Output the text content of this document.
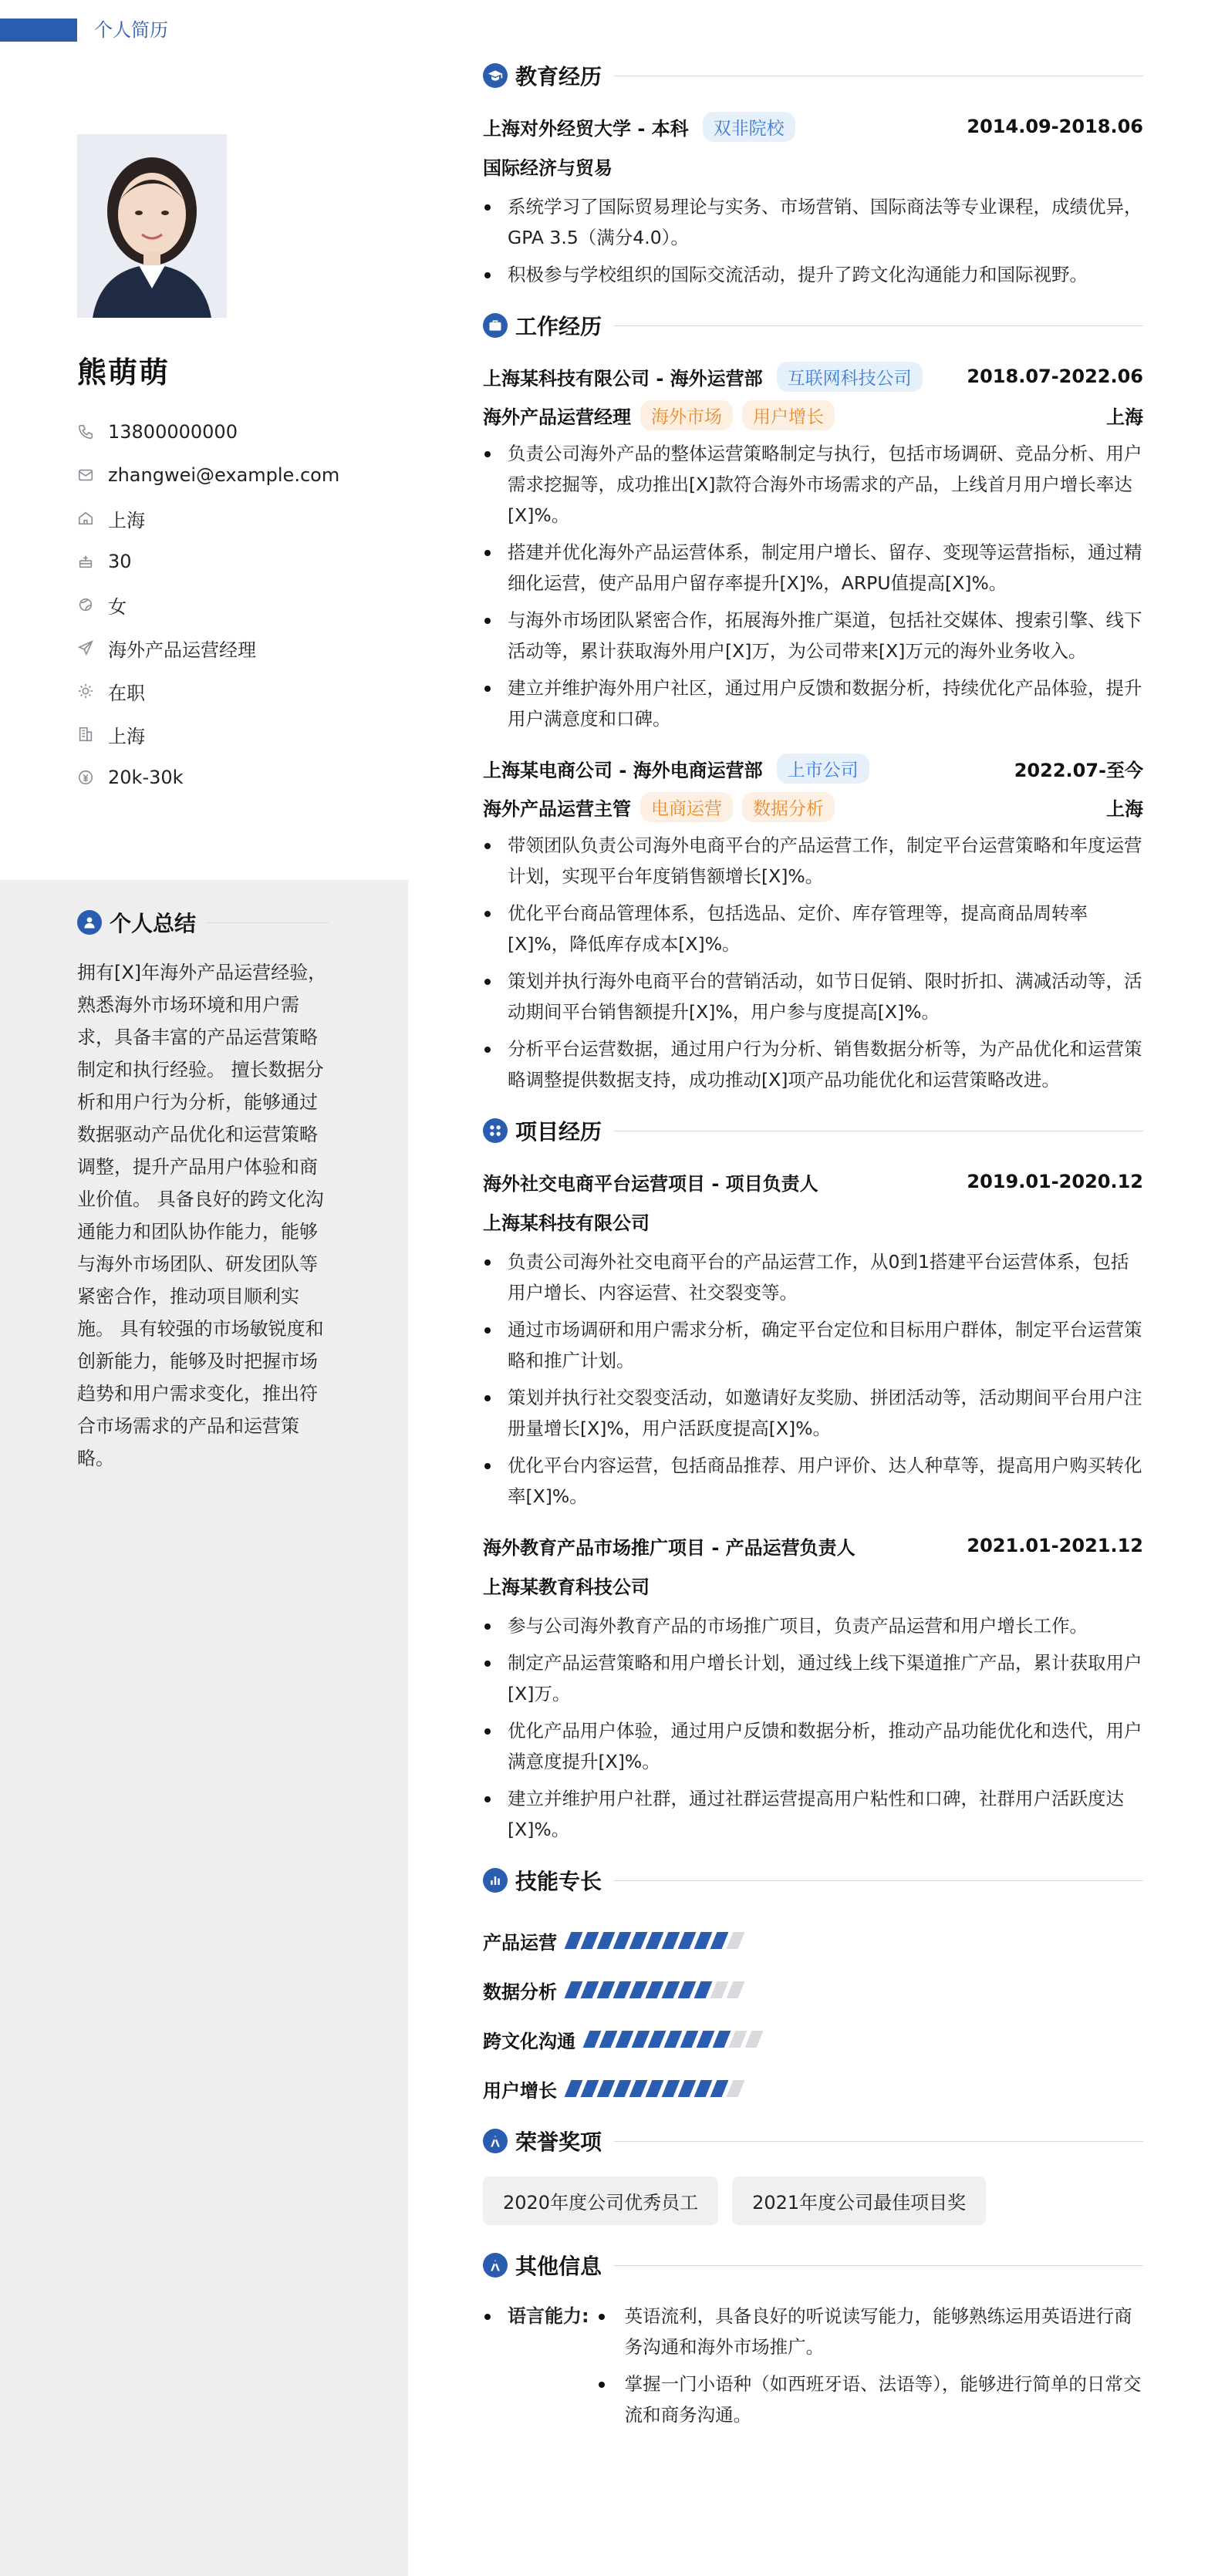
个人简历
熊萌萌
13800000000
zhangwei@example.com
上海
30
女
海外产品运营经理
在职
上海
20k-30k
个人总结
拥有[X]年海外产品运营经验，熟悉海外市场环境和用户需求，具备丰富的产品运营策略制定和执行经验。 擅长数据分析和用户行为分析，能够通过数据驱动产品优化和运营策略调整，提升产品用户体验和商业价值。 具备良好的跨文化沟通能力和团队协作能力，能够与海外市场团队、研发团队等紧密合作，推动项目顺利实施。 具有较强的市场敏锐度和创新能力，能够及时把握市场趋势和用户需求变化，推出符合市场需求的产品和运营策略。
教育经历
上海对外经贸大学 - 本科	双非院校	2014.09-2018.06
国际经济与贸易
系统学习了国际贸易理论与实务、市场营销、国际商法等专业课程，成绩优异，GPA 3.5（满分4.0）。
积极参与学校组织的国际交流活动，提升了跨文化沟通能力和国际视野。
工作经历
上海某科技有限公司 - 海外运营部	互联网科技公司	2018.07-2022.06
海外产品运营经理	海外市场	用户增长	上海
负责公司海外产品的整体运营策略制定与执行，包括市场调研、竞品分析、用户需求挖掘等，成功推出[X]款符合海外市场需求的产品，上线首月用户增长率达[X]%。
搭建并优化海外产品运营体系，制定用户增长、留存、变现等运营指标，通过精细化运营，使产品用户留存率提升[X]%，ARPU值提高[X]%。
与海外市场团队紧密合作，拓展海外推广渠道，包括社交媒体、搜索引擎、线下活动等，累计获取海外用户[X]万，为公司带来[X]万元的海外业务收入。
建立并维护海外用户社区，通过用户反馈和数据分析，持续优化产品体验，提升用户满意度和口碑。
上海某电商公司 - 海外电商运营部	上市公司	2022.07-至今
海外产品运营主管	电商运营	数据分析	上海
带领团队负责公司海外电商平台的产品运营工作，制定平台运营策略和年度运营计划，实现平台年度销售额增长[X]%。
优化平台商品管理体系，包括选品、定价、库存管理等，提高商品周转率[X]%，降低库存成本[X]%。
策划并执行海外电商平台的营销活动，如节日促销、限时折扣、满减活动等，活动期间平台销售额提升[X]%，用户参与度提高[X]%。
分析平台运营数据，通过用户行为分析、销售数据分析等，为产品优化和运营策略调整提供数据支持，成功推动[X]项产品功能优化和运营策略改进。
项目经历
海外社交电商平台运营项目 - 项目负责人	2019.01-2020.12
上海某科技有限公司
负责公司海外社交电商平台的产品运营工作，从0到1搭建平台运营体系，包括用户增长、内容运营、社交裂变等。
通过市场调研和用户需求分析，确定平台定位和目标用户群体，制定平台运营策略和推广计划。
策划并执行社交裂变活动，如邀请好友奖励、拼团活动等，活动期间平台用户注册量增长[X]%，用户活跃度提高[X]%。
优化平台内容运营，包括商品推荐、用户评价、达人种草等，提高用户购买转化率[X]%。
海外教育产品市场推广项目 - 产品运营负责人	2021.01-2021.12
上海某教育科技公司
参与公司海外教育产品的市场推广项目，负责产品运营和用户增长工作。
制定产品运营策略和用户增长计划，通过线上线下渠道推广产品，累计获取用户[X]万。
优化产品用户体验，通过用户反馈和数据分析，推动产品功能优化和迭代，用户满意度提升[X]%。
建立并维护用户社群，通过社群运营提高用户粘性和口碑，社群用户活跃度达[X]%。
技能专长
产品运营
数据分析
跨文化沟通
用户增长
荣誉奖项
2020年度公司优秀员工	2021年度公司最佳项目奖
其他信息
语言能力:	英语流利，具备良好的听说读写能力，能够熟练运用英语进行商务沟通和海外市场推广。
掌握一门小语种（如西班牙语、法语等），能够进行简单的日常交流和商务沟通。
